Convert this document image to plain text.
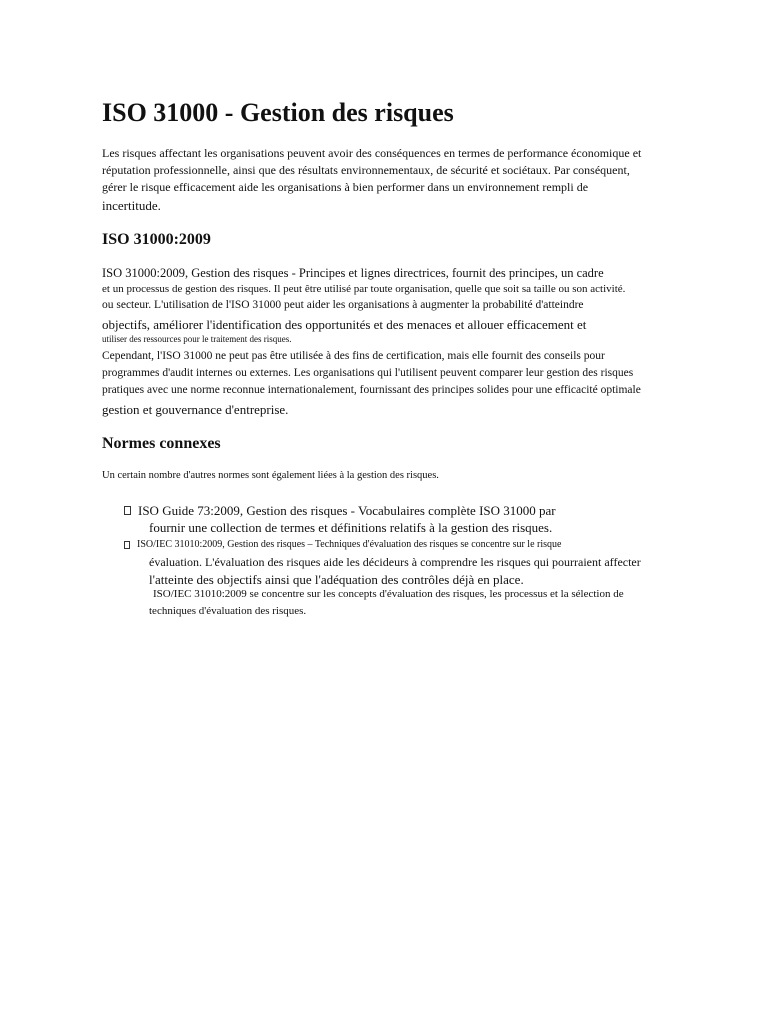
ISO 31000 - Gestion des risques

Les risques affectant les organisations peuvent avoir des conséquences en termes de performance économique et

réputation professionnelle, ainsi que des résultats environnementaux, de sécurité et sociétaux. Par conséquent,

gérer le risque efficacement aide les organisations à bien performer dans un environnement rempli de

incertitude.

ISO 31000:2009

ISO 31000:2009, Gestion des risques - Principes et lignes directrices, fournit des principes, un cadre

et un processus de gestion des risques. Il peut être utilisé par toute organisation, quelle que soit sa taille ou son activité.

ou secteur. L'utilisation de l'ISO 31000 peut aider les organisations à augmenter la probabilité d'atteindre

objectifs, améliorer l'identification des opportunités et des menaces et allouer efficacement et

utiliser des ressources pour le traitement des risques.

Cependant, l'ISO 31000 ne peut pas être utilisée à des fins de certification, mais elle fournit des conseils pour

programmes d'audit internes ou externes. Les organisations qui l'utilisent peuvent comparer leur gestion des risques

pratiques avec une norme reconnue internationalement, fournissant des principes solides pour une efficacité optimale

gestion et gouvernance d'entreprise.

Normes connexes

Un certain nombre d'autres normes sont également liées à la gestion des risques.

ISO Guide 73:2009, Gestion des risques - Vocabulaires complète ISO 31000 par

fournir une collection de termes et définitions relatifs à la gestion des risques.

ISO/IEC 31010:2009, Gestion des risques – Techniques d'évaluation des risques se concentre sur le risque

évaluation. L'évaluation des risques aide les décideurs à comprendre les risques qui pourraient affecter

l'atteinte des objectifs ainsi que l'adéquation des contrôles déjà en place.

ISO/IEC 31010:2009 se concentre sur les concepts d'évaluation des risques, les processus et la sélection de

techniques d'évaluation des risques.
